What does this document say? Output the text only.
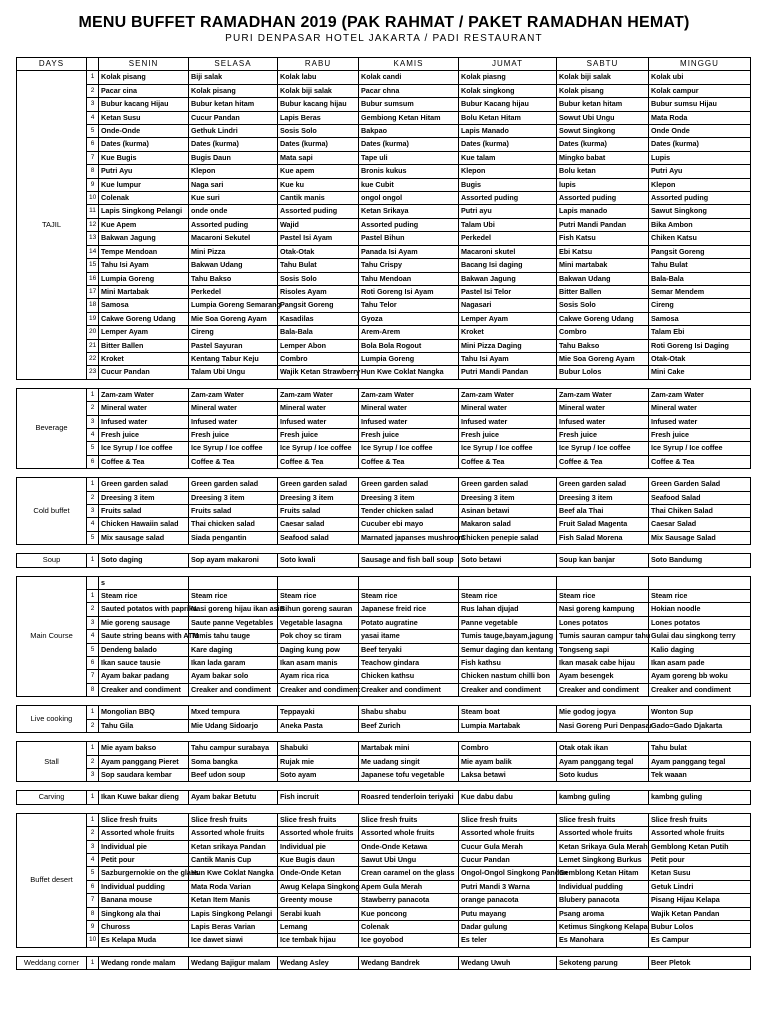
MENU BUFFET RAMADHAN 2019 (PAK RAHMAT / PAKET RAMADHAN HEMAT)
PURI DENPASAR HOTEL JAKARTA / PADI RESTAURANT
DAYS		SENIN	SELASA	RABU	KAMIS	JUMAT	SABTU	MINGGU
TAJIL	1	Kolak pisang	Biji salak	Kolak labu	Kolak candi	Kolak piasng	Kolak biji salak	Kolak ubi
	2	Pacar cina	Kolak pisang	Kolak biji salak	Pacar chna	Kolak singkong	Kolak pisang	Kolak campur
	3	Bubur kacang Hijau	Bubur ketan hitam	Bubur kacang hijau	Bubur sumsum	Bubur Kacang hijau	Bubur ketan hitam	Bubur sumsu Hijau
	4	Ketan Susu	Cucur Pandan	Lapis Beras	Gembiong Ketan Hitam	Bolu Ketan Hitam	Sowut Ubi Ungu	Mata Roda
	5	Onde-Onde	Gethuk Lindri	Sosis Solo	Bakpao	Lapis Manado	Sowut Singkong	Onde Onde
	6	Dates (kurma)	Dates (kurma)	Dates (kurma)	Dates (kurma)	Dates (kurma)	Dates (kurma)	Dates (kurma)
	7	Kue Bugis	Bugis Daun	Mata sapi	Tape uli	Kue talam	Mingko babat	Lupis
	8	Putri Ayu	Klepon	Kue apem	Bronis kukus	Klepon	Bolu ketan	Putri Ayu
	9	Kue lumpur	Naga sari	Kue ku	kue Cubit	Bugis	lupis	Klepon
	10	Colenak	Kue suri	Cantik manis	ongol ongol	Assorted puding	Assorted puding	Assorted puding
	11	Lapis Singkong Pelangi	onde onde	Assorted puding	Ketan Srikaya	Putri ayu	Lapis manado	Sawut Singkong
	12	Kue Apem	Assorted puding	Wajid	Assorted puding	Talam Ubi	Putri Mandi Pandan	Bika Ambon
	13	Bakwan Jagung	Macaroni Sekutel	Pastel Isi Ayam	Pastel Bihun	Perkedel	Fish Katsu	Chiken Katsu
	14	Tempe Mendoan	Mini Pizza	Otak-Otak	Panada Isi Ayam	Macaroni skutel	Ebi Katsu	Pangsit Goreng
	15	Tahu Isi Ayam	Bakwan Udang	Tahu Bulat	Tahu Crispy	Bacang Isi daging	Mini martabak	Tahu Bulat
	16	Lumpia Goreng	Tahu Bakso	Sosis Solo	Tahu Mendoan	Bakwan Jagung	Bakwan Udang	Bala-Bala
	17	Mini Martabak	Perkedel	Risoles Ayam	Roti Goreng Isi Ayam	Pastel Isi Telor	Bitter Ballen	Semar Mendem
	18	Samosa	Lumpia Goreng Semarang	Pangsit Goreng	Tahu Telor	Nagasari	Sosis Solo	Cireng
	19	Cakwe Goreng Udang	Mie Soa Goreng Ayam	Kasadilas	Gyoza	Lemper Ayam	Cakwe Goreng Udang	Samosa
	20	Lemper Ayam	Cireng	Bala-Bala	Arem-Arem	Kroket	Combro	Talam Ebi
	21	Bitter Ballen	Pastel Sayuran	Lemper Abon	Bola Bola Rogout	Mini Pizza Daging	Tahu Bakso	Roti Goreng Isi Daging
	22	Kroket	Kentang Tabur Keju	Combro	Lumpia Goreng	Tahu Isi Ayam	Mie Soa Goreng Ayam	Otak-Otak
	23	Cucur Pandan	Talam Ubi Ungu	Wajik Ketan Strawberry	Hun Kwe Coklat Nangka	Putri Mandi Pandan	Bubur Lolos	Mini Cake

Beverage	1	Zam-zam Water	Zam-zam Water	Zam-zam Water	Zam-zam Water	Zam-zam Water	Zam-zam Water	Zam-zam Water
	2	Mineral water	Mineral water	Mineral water	Mineral water	Mineral water	Mineral water	Mineral water
	3	Infused water	Infused water	Infused water	Infused water	Infused water	Infused water	Infused water
	4	Fresh juice	Fresh juice	Fresh juice	Fresh juice	Fresh juice	Fresh juice	Fresh juice
	5	Ice Syrup / Ice coffee	Ice Syrup / Ice coffee	Ice Syrup / Ice coffee	Ice Syrup / Ice coffee	Ice Syrup / Ice coffee	Ice Syrup / Ice coffee	Ice Syrup / Ice coffee
	6	Coffee & Tea	Coffee & Tea	Coffee & Tea	Coffee & Tea	Coffee & Tea	Coffee & Tea	Coffee & Tea

Cold buffet	1	Green garden salad	Green garden salad	Green garden salad	Green garden salad	Green garden salad	Green garden salad	Green Garden Salad
	2	Dreesing 3 item	Dreesing 3 item	Dreesing 3 item	Dreesing 3 item	Dreesing 3 item	Dreesing 3 item	Seafood Salad
	3	Fruits salad	Fruits salad	Fruits salad	Tender chicken salad	Asinan betawi	Beef ala Thai	Thai Chiken Salad
	4	Chicken Hawaiin salad	Thai chicken salad	Caesar salad	Cucuber ebi mayo	Makaron salad	Fruit Salad Magenta	Caesar Salad
	5	Mix sausage salad	Siada pengantin	Seafood salad	Marnated japanses mushroom	Chicken penepie salad	Fish Salad Morena	Mix Sausage Salad

Soup	1	Soto daging	Sop ayam makaroni	Soto kwali	Sausage and fish ball soup	Soto betawi	Soup kan banjar	Soto Bandumg

Main Course		s						
	1	Steam rice	Steam rice	Steam rice	Steam rice	Steam rice	Steam rice	Steam rice
	2	Sauted potatos with paprika	Nasi goreng hijau ikan asin	Bihun goreng sauran	Japanese freid rice	Rus lahan djujad	Nasi goreng kampung	Hokian noodle
	3	Mie goreng sausage	Saute panne Vegetables	Vegetable lasagna	Potato augratine	Panne vegetable	Lones potatos	Lones potatos
	4	Saute string beans with ATM	Tumis tahu tauge	Pok choy sc tiram	yasai itame	Tumis tauge,bayam,jagung	Tumis sauran campur tahu	Gulai dau singkong terry
	5	Dendeng balado	Kare daging	Daging kung pow	Beef teryaki	Semur daging dan kentang	Tongseng sapi	Kalio daging
	6	Ikan sauce tausie	Ikan lada garam	Ikan asam manis	Teachow gindara	Fish kathsu	Ikan masak cabe hijau	Ikan asam pade
	7	Ayam bakar padang	Ayam bakar solo	Ayam rica rica	Chicken kathsu	Chicken nastum chilli bon	Ayam besengek	Ayam goreng bb woku
	8	Creaker and condiment	Creaker and condiment	Creaker and condiment	Creaker and condiment	Creaker and condiment	Creaker and condiment	Creaker and condiment

Live cooking	1	Mongolian BBQ	Mxed tempura	Teppayaki	Shabu shabu	Steam boat	Mie godog jogya	Wonton Sup
	2	Tahu Gila	Mie Udang Sidoarjo	Aneka Pasta	Beef Zurich	Lumpia Martabak	Nasi Goreng Puri Denpasar	Gado=Gado Djakarta

Stall	1	Mie ayam bakso	Tahu campur surabaya	Shabuki	Martabak mini	Combro	Otak otak ikan	Tahu bulat
	2	Ayam panggang Pieret	Soma bangka	Rujak mie	Me uadang singit	Mie ayam balik	Ayam panggang tegal	Ayam panggang tegal
	3	Sop saudara kembar	Beef udon soup	Soto ayam	Japanese tofu vegetable	Laksa betawi	Soto kudus	Tek waaan

Carving	1	Ikan Kuwe bakar dieng	Ayam bakar Betutu	Fish incruit	Roasred tenderloin teriyaki	Kue dabu dabu	kambng guling	kambng guling

Buffet desert	1	Slice fresh fruits	Slice fresh fruits	Slice fresh fruits	Slice fresh fruits	Slice fresh fruits	Slice fresh fruits	Slice fresh fruits
	2	Assorted whole fruits	Assorted whole fruits	Assorted whole fruits	Assorted whole fruits	Assorted whole fruits	Assorted whole fruits	Assorted whole fruits
	3	Individual pie	Ketan srikaya Pandan	Individual pie	Onde-Onde Ketawa	Cucur Gula Merah	Ketan Srikaya Gula Merah	Gemblong Ketan Putih
	4	Petit pour	Cantik Manis Cup	Kue Bugis daun	Sawut Ubi Ungu	Cucur Pandan	Lemet Singkong Burkus	Petit pour
	5	Sazburgernokie on the glass	Hun Kwe Coklat Nangka	Onde-Onde Ketan	Crean caramel on the glass	Ongol-Ongol Singkong Pandan	Gemblong Ketan Hitam	Ketan Susu
	6	Individual pudding	Mata Roda Varian	Awug Kelapa Singkong	Apem Gula Merah	Putri Mandi 3 Warna	Individual pudding	Getuk Lindri
	7	Banana mouse	Ketan Item Manis	Greenty mouse	Stawberry panacota	orange panacota	Blubery panacota	Pisang Hijau Kelapa
	8	Singkong ala thai	Lapis Singkong Pelangi	Serabi kuah	Kue poncong	Putu mayang	Psang aroma	Wajik Ketan Pandan
	9	Chuross	Lapis Beras Varian	Lemang	Colenak	Dadar gulung	Ketimus Singkong Kelapa	Bubur Lolos
	10	Es Kelapa Muda	Ice dawet siawi	Ice tembak hijau	Ice goyobod	Es teler	Es Manohara	Es Campur

Weddang corner	1	Wedang ronde malam	Wedang Bajigur malam	Wedang Asley	Wedang Bandrek	Wedang Uwuh	Sekoteng parung	Beer Pletok
